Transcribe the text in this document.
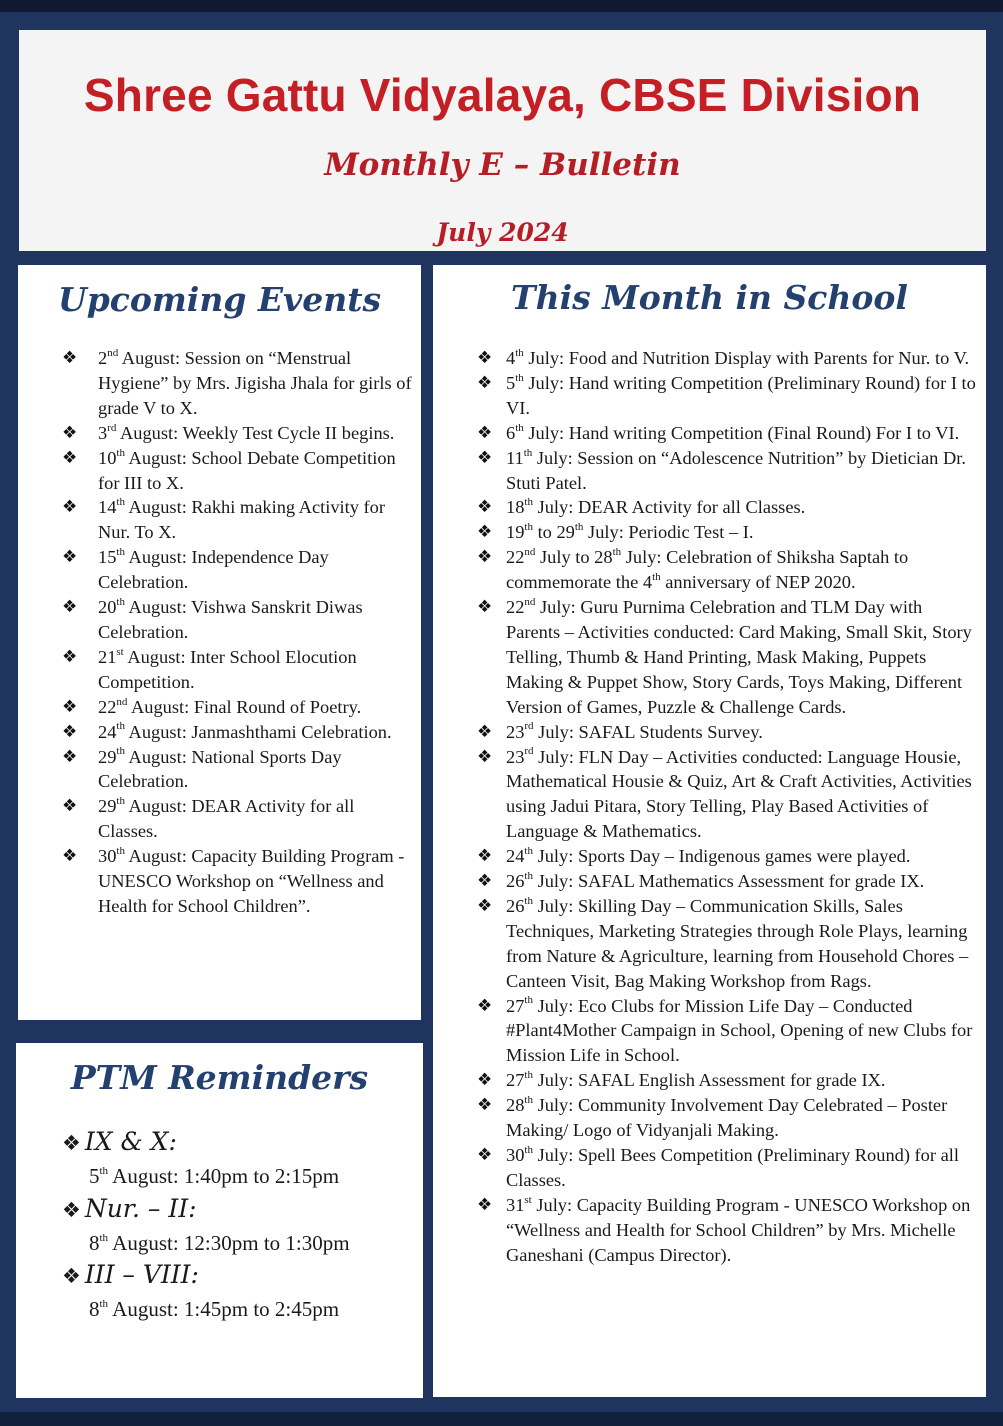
Shree Gattu Vidyalaya, CBSE Division
Monthly E – Bulletin
July 2024
Upcoming Events
❖ 2nd August: Session on “Menstrual Hygiene” by Mrs. Jigisha Jhala for girls of grade V to X.
❖ 3rd August: Weekly Test Cycle II begins.
❖ 10th August: School Debate Competition for III to X.
❖ 14th August: Rakhi making Activity for Nur. To X.
❖ 15th August: Independence Day Celebration.
❖ 20th August: Vishwa Sanskrit Diwas Celebration.
❖ 21st August: Inter School Elocution Competition.
❖ 22nd August: Final Round of Poetry.
❖ 24th August: Janmashthami Celebration.
❖ 29th August: National Sports Day Celebration.
❖ 29th August: DEAR Activity for all Classes.
❖ 30th August: Capacity Building Program - UNESCO Workshop on “Wellness and Health for School Children”.
This Month in School
❖ 4th July: Food and Nutrition Display with Parents for Nur. to V.
❖ 5th July: Hand writing Competition (Preliminary Round) for I to VI.
❖ 6th July: Hand writing Competition (Final Round) For I to VI.
❖ 11th July: Session on “Adolescence Nutrition” by Dietician Dr. Stuti Patel.
❖ 18th July: DEAR Activity for all Classes.
❖ 19th to 29th July: Periodic Test – I.
❖ 22nd July to 28th July: Celebration of Shiksha Saptah to commemorate the 4th anniversary of NEP 2020.
❖ 22nd July: Guru Purnima Celebration and TLM Day with Parents – Activities conducted: Card Making, Small Skit, Story Telling, Thumb & Hand Printing, Mask Making, Puppets Making & Puppet Show, Story Cards, Toys Making, Different Version of Games, Puzzle & Challenge Cards.
❖ 23rd July: SAFAL Students Survey.
❖ 23rd July: FLN Day – Activities conducted: Language Housie, Mathematical Housie & Quiz, Art & Craft Activities, Activities using Jadui Pitara, Story Telling, Play Based Activities of Language & Mathematics.
❖ 24th July: Sports Day – Indigenous games were played.
❖ 26th July: SAFAL Mathematics Assessment for grade IX.
❖ 26th July: Skilling Day – Communication Skills, Sales Techniques, Marketing Strategies through Role Plays, learning from Nature & Agriculture, learning from Household Chores – Canteen Visit, Bag Making Workshop from Rags.
❖ 27th July: Eco Clubs for Mission Life Day – Conducted #Plant4Mother Campaign in School, Opening of new Clubs for Mission Life in School.
❖ 27th July: SAFAL English Assessment for grade IX.
❖ 28th July: Community Involvement Day Celebrated – Poster Making/ Logo of Vidyanjali Making.
❖ 30th July: Spell Bees Competition (Preliminary Round) for all Classes.
❖ 31st July: Capacity Building Program - UNESCO Workshop on “Wellness and Health for School Children” by Mrs. Michelle Ganeshani (Campus Director).
PTM Reminders
❖ IX & X:
5th August: 1:40pm to 2:15pm
❖ Nur. – II:
8th August: 12:30pm to 1:30pm
❖ III – VIII:
8th August: 1:45pm to 2:45pm
